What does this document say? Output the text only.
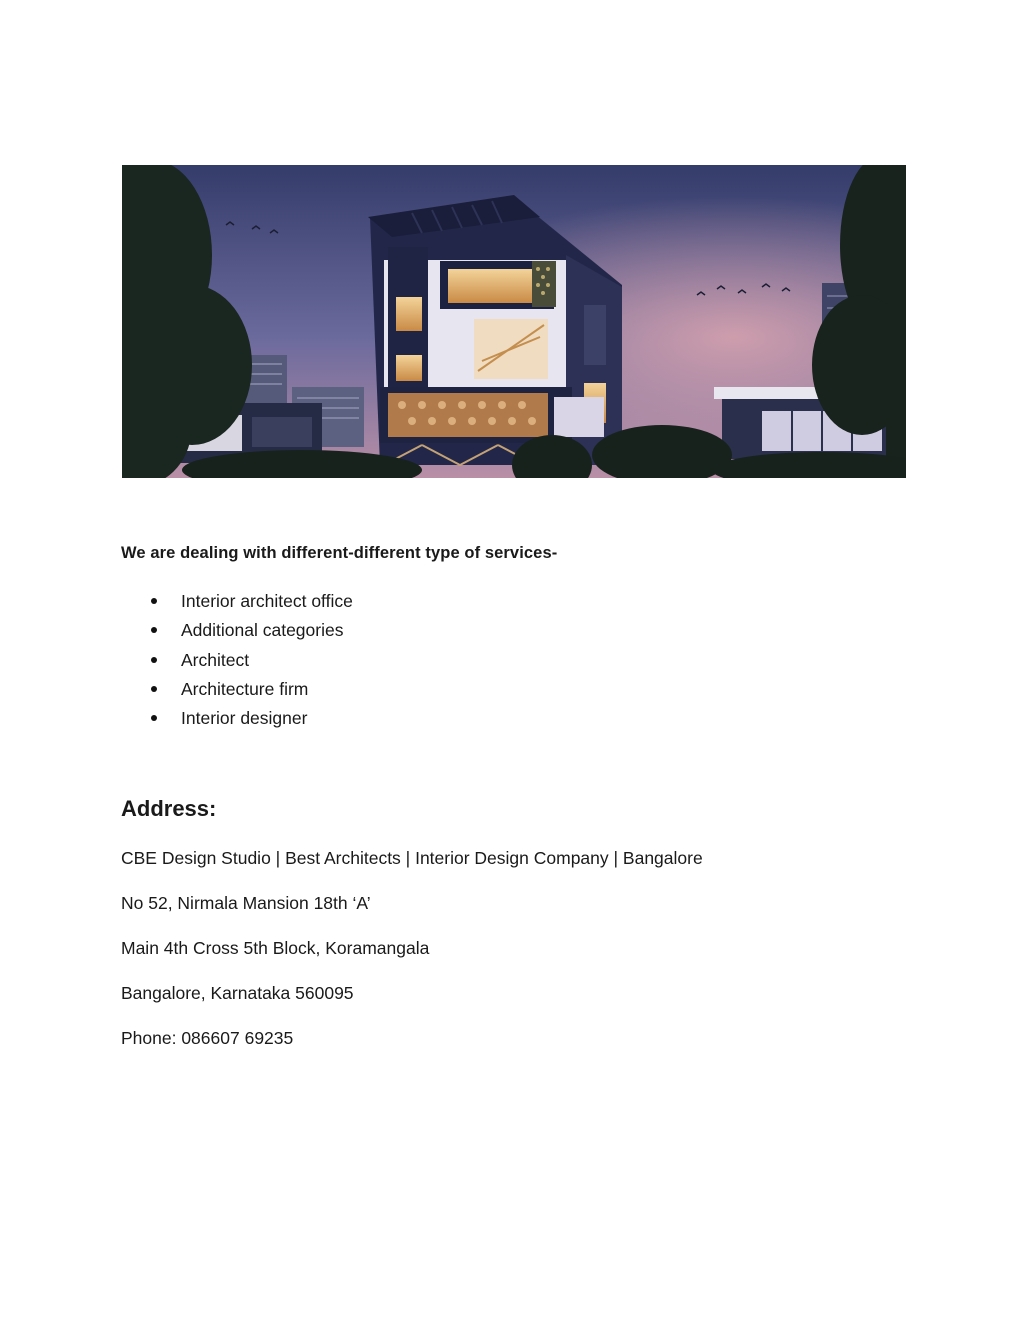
We are dealing with different-different type of services-
Interior architect office
Additional categories
Architect
Architecture firm
Interior designer
Address:

CBE Design Studio | Best Architects | Interior Design Company | Bangalore

No 52, Nirmala Mansion 18th ‘A’

Main 4th Cross 5th Block, Koramangala

Bangalore, Karnataka 560095

Phone: 086607 69235
